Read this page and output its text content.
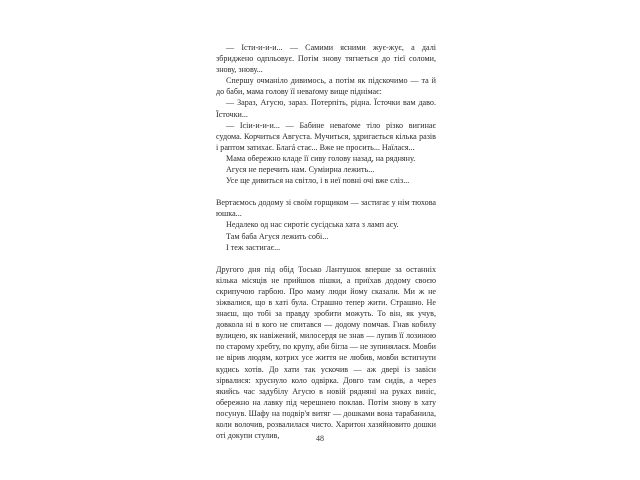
— Істи-и-и-и... — Самими ясними жує-жує, а далі збриджено одпльовує. Потім знову тягнеться до тієї соломи, знову, знову...

Спершу очманіло дивимось, а потім як підскочимо — та й до баби, мама голову її неваґому вище піднімає:

— Зараз, Агусю, зараз. Потерпіть, рідна. Їсточки вам даво. Їсточки...

— Ісіи-и-и-и... — Бабине неваґоме тіло різко вигинає судома. Корчиться Августа. Мучиться, здригається кілька разів і раптом затихає. Благá стає... Вже не просить... Наїлася...

Мама обережно кладе її сиву голову назад, на рядняну.

Агуся не перечить нам. Суміирна лежить...

Усе ще дивиться на світло, і в неї повні очі вже сліз...

Вертаємось додому зі своїм горщиком — застигає у нім тюхова юшка...

Недалеко од нас сиротіє сусідська хата з ламп асу.

Там баба Агуся лежить собі...

І теж застигає...

Другого дня під обід Тосько Лантушок вперше за останніх кілька місяців не прийшов пішки, а приїхав додому своєю скрипучою гарбою. Про маму люди йому сказали. Ми ж не зіжвалися, що в хаті була. Страшно тепер жити. Страшно. Не знаєш, що тобі за правду зробити можуть. То він, як учув, довкола ні в кого не спитався — додому помчав. Гнав кобилу вулицею, як навіжений, милосердя не знав — лупив її лозиною по старому хребту, по крупу, аби бігла — не зупинялася. Мовби не вірив людям, котрих усе життя не любив, мовби встигнути кудись хотів. До хати так ускочив — аж двері із завіси зірвалися: хруснуло коло одвірка. Довго там сидів, а через якийсь час задубілу Агусю в новій рядняні на руках виніс, обережно на лавку під черешнею поклав. Потім знову в хату посунув. Шафу на подвір'я витяг — дошками вона тарабанила, коли волочив, розвалилася чисто. Харитон хазяйновито дошки оті докупи стулив,	48
